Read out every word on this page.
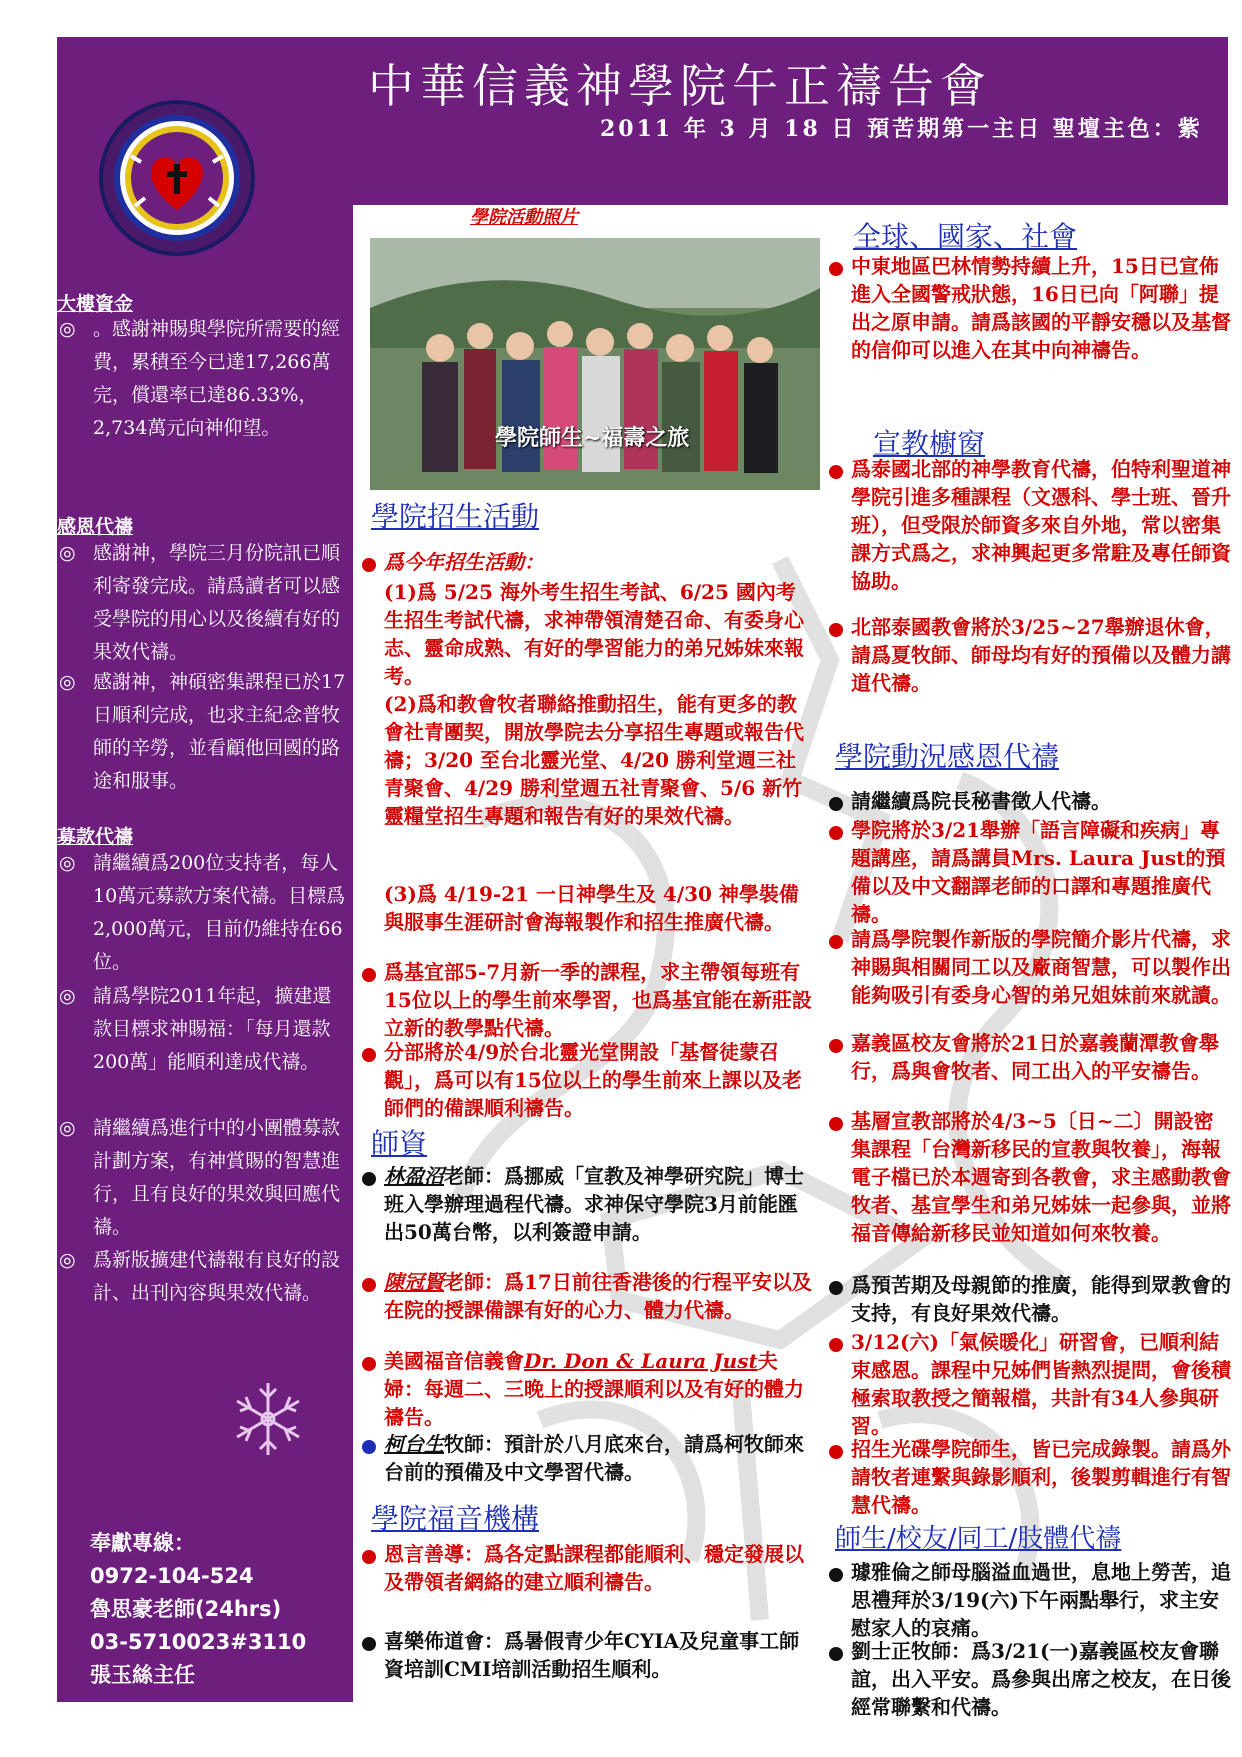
中華信義神學院午正禱告會
2011 年 3 月 18 日 預苦期第一主日 聖壇主色：紫
大樓資金
◎ 。感謝神賜與學院所需要的經費，累積至今已達17,266萬完，償還率已達86.33%，2,734萬元向神仰望。
感恩代禱
◎ 感謝神，學院三月份院訊已順利寄發完成。請爲讀者可以感受學院的用心以及後續有好的果效代禱。
◎ 感謝神，神碩密集課程已於17日順利完成，也求主紀念普牧師的辛勞，並看顧他回國的路途和服事。
募款代禱
◎ 請繼續爲200位支持者，每人10萬元募款方案代禱。目標爲2,000萬元，目前仍維持在66位。
◎ 請爲學院2011年起，擴建還款目標求神賜福：「每月還款200萬」能順利達成代禱。
◎ 請繼續爲進行中的小團體募款計劃方案，有神賞賜的智慧進行，且有良好的果效與回應代禱。
◎ 爲新版擴建代禱報有良好的設計、出刊內容與果效代禱。
奉獻專線：
0972-104-524
魯思豪老師(24hrs)
03-5710023#3110
張玉絲主任
學院活動照片
學院師生~福壽之旅
學院招生活動
爲今年招生活動：
(1)爲 5/25 海外考生招生考試、6/25 國內考生招生考試代禱，求神帶領清楚召命、有委身心志、靈命成熟、有好的學習能力的弟兄姊妹來報考。
(2)爲和教會牧者聯絡推動招生，能有更多的教會社青團契，開放學院去分享招生專題或報告代禱；3/20 至台北靈光堂、4/20 勝利堂週三社青聚會、4/29 勝利堂週五社青聚會、5/6 新竹靈糧堂招生專題和報告有好的果效代禱。
(3)爲 4/19-21 一日神學生及 4/30 神學裝備與服事生涯研討會海報製作和招生推廣代禱。
爲基宜部5-7月新一季的課程，求主帶領每班有15位以上的學生前來學習，也爲基宜能在新莊設立新的教學點代禱。
分部將於4/9於台北靈光堂開設「基督徒蒙召觀」，爲可以有15位以上的學生前來上課以及老師們的備課順利禱告。
師資
林盈沼老師：爲挪威「宣教及神學研究院」博士班入學辦理過程代禱。求神保守學院3月前能匯出50萬台幣，以利簽證申請。
陳冠賢老師：爲17日前往香港後的行程平安以及在院的授課備課有好的心力、體力代禱。
美國福音信義會Dr. Don & Laura Just夫婦：每週二、三晚上的授課順利以及有好的體力禱告。
柯台生牧師：預計於八月底來台，請爲柯牧師來台前的預備及中文學習代禱。
學院福音機構
恩言善導：爲各定點課程都能順利、穩定發展以及帶領者網絡的建立順利禱告。
喜樂佈道會：爲暑假青少年CYIA及兒童事工師資培訓CMI培訓活動招生順利。
全球、國家、社會
中東地區巴林情勢持續上升，15日已宣佈進入全國警戒狀態，16日已向「阿聯」提出之原申請。請爲該國的平靜安穩以及基督的信仰可以進入在其中向神禱告。
宣教櫥窗
爲泰國北部的神學教育代禱，伯特利聖道神學院引進多種課程（文憑科、學士班、晉升班），但受限於師資多來自外地，常以密集課方式爲之，求神興起更多常駐及專任師資協助。
北部泰國教會將於3/25~27舉辦退休會，請爲夏牧師、師母均有好的預備以及體力講道代禱。
學院動況感恩代禱
請繼續爲院長秘書徵人代禱。
學院將於3/21舉辦「語言障礙和疾病」專題講座，請爲講員Mrs. Laura Just的預備以及中文翻譯老師的口譯和專題推廣代禱。
請爲學院製作新版的學院簡介影片代禱，求神賜與相關同工以及廠商智慧，可以製作出能夠吸引有委身心智的弟兄姐妹前來就讀。
嘉義區校友會將於21日於嘉義蘭潭教會舉行，爲與會牧者、同工出入的平安禱告。
基層宣教部將於4/3~5〔日~二〕開設密集課程「台灣新移民的宣教與牧養」，海報電子檔已於本週寄到各教會，求主感動教會牧者、基宣學生和弟兄姊妹一起參與，並將福音傳給新移民並知道如何來牧養。
爲預苦期及母親節的推廣，能得到眾教會的支持，有良好果效代禱。
3/12(六)「氣候暖化」研習會，已順利結束感恩。課程中兄姊們皆熱烈提問，會後積極索取教授之簡報檔，共計有34人參與研習。
招生光碟學院師生，皆已完成錄製。請爲外請牧者連繫與錄影順利，後製剪輯進行有智慧代禱。
師生/校友/同工/肢體代禱
璩雅倫之師母腦溢血過世，息地上勞苦，追思禮拜於3/19(六)下午兩點舉行，求主安慰家人的哀痛。
劉士正牧師：爲3/21(一)嘉義區校友會聯誼，出入平安。爲參與出席之校友，在日後經常聯繫和代禱。
